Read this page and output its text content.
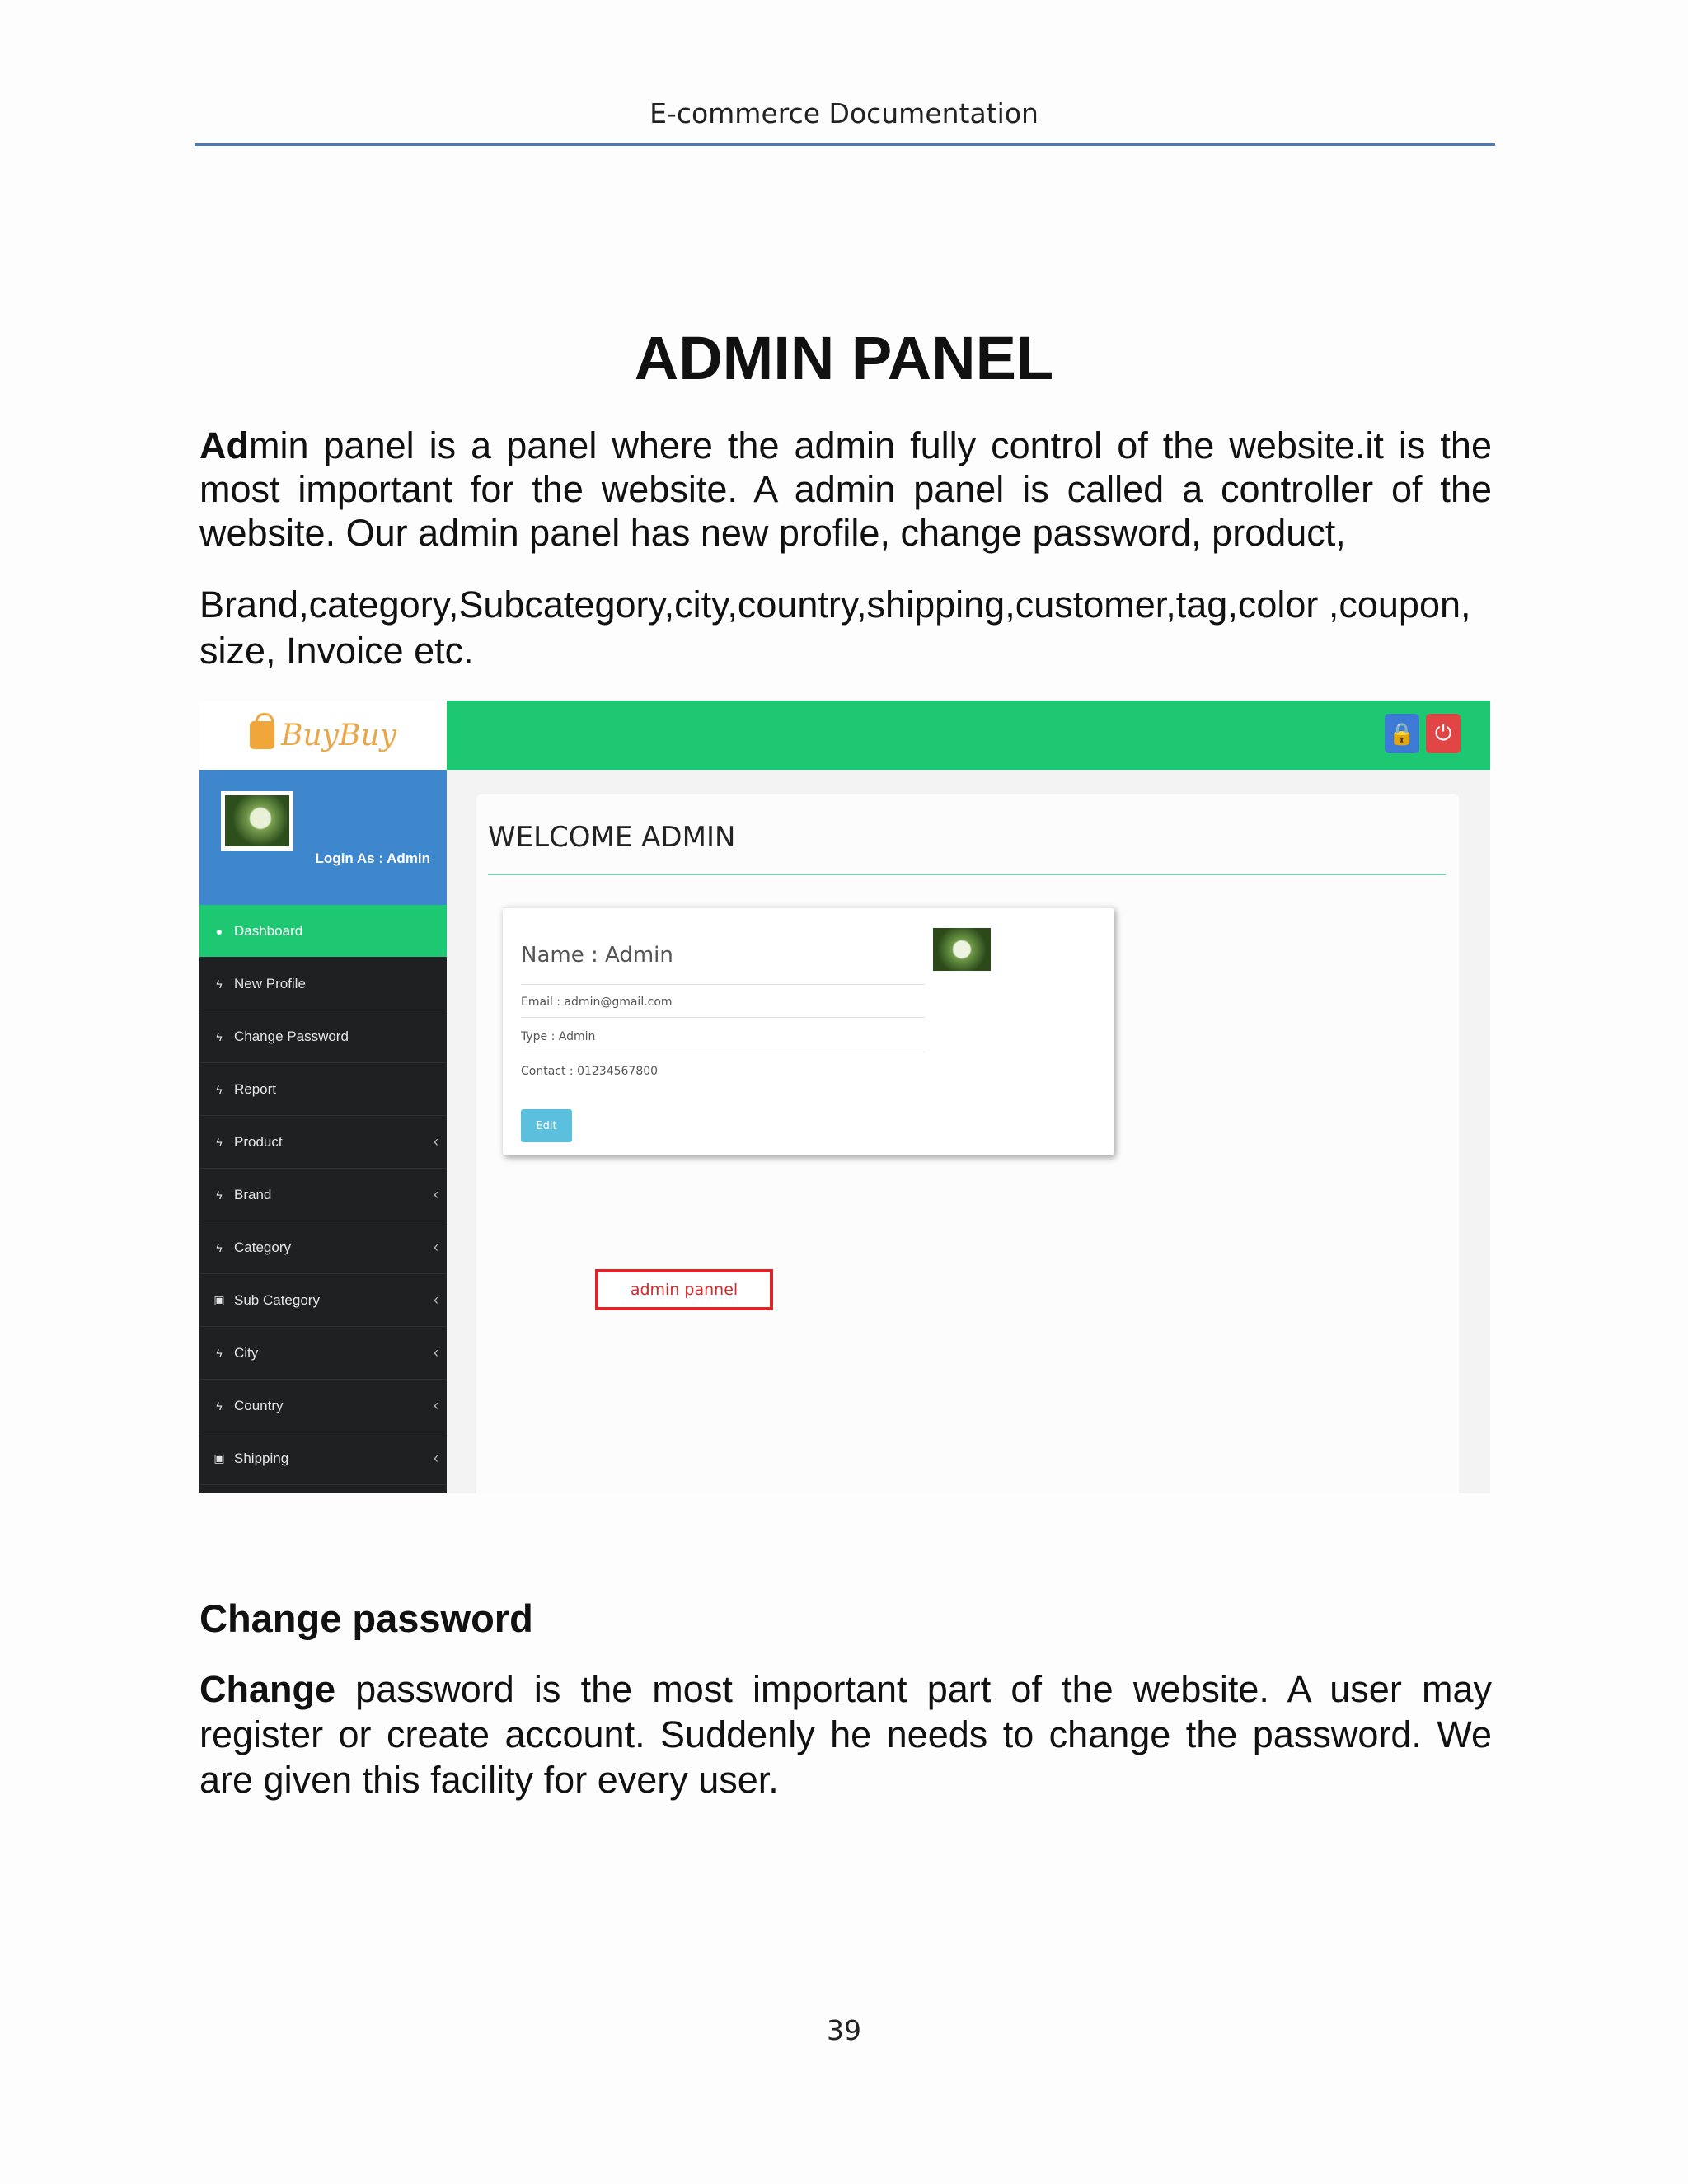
E-commerce Documentation
ADMIN PANEL

Admin panel is a panel where the admin fully control of the website.it is the most important for the website. A admin panel is called a controller of the website. Our admin panel has new profile, change password, product,

Brand,category,Subcategory,city,country,shipping,customer,tag,color ,coupon, size, Invoice etc.

BuyBuy	🔒 ⏻
Login As : Admin
● Dashboard
ϟ New Profile
ϟ Change Password
ϟ Report
ϟ Product	‹
ϟ Brand	‹
ϟ Category	‹
▣ Sub Category	‹
ϟ City	‹
ϟ Country	‹
▣ Shipping	‹
WELCOME ADMIN
Name : Admin
Email : admin@gmail.com
Type : Admin
Contact : 01234567800
Edit
admin pannel
Change password

Change password is the most important part of the website. A user may register or create account. Suddenly he needs to change the password. We are given this facility for every user.

39
